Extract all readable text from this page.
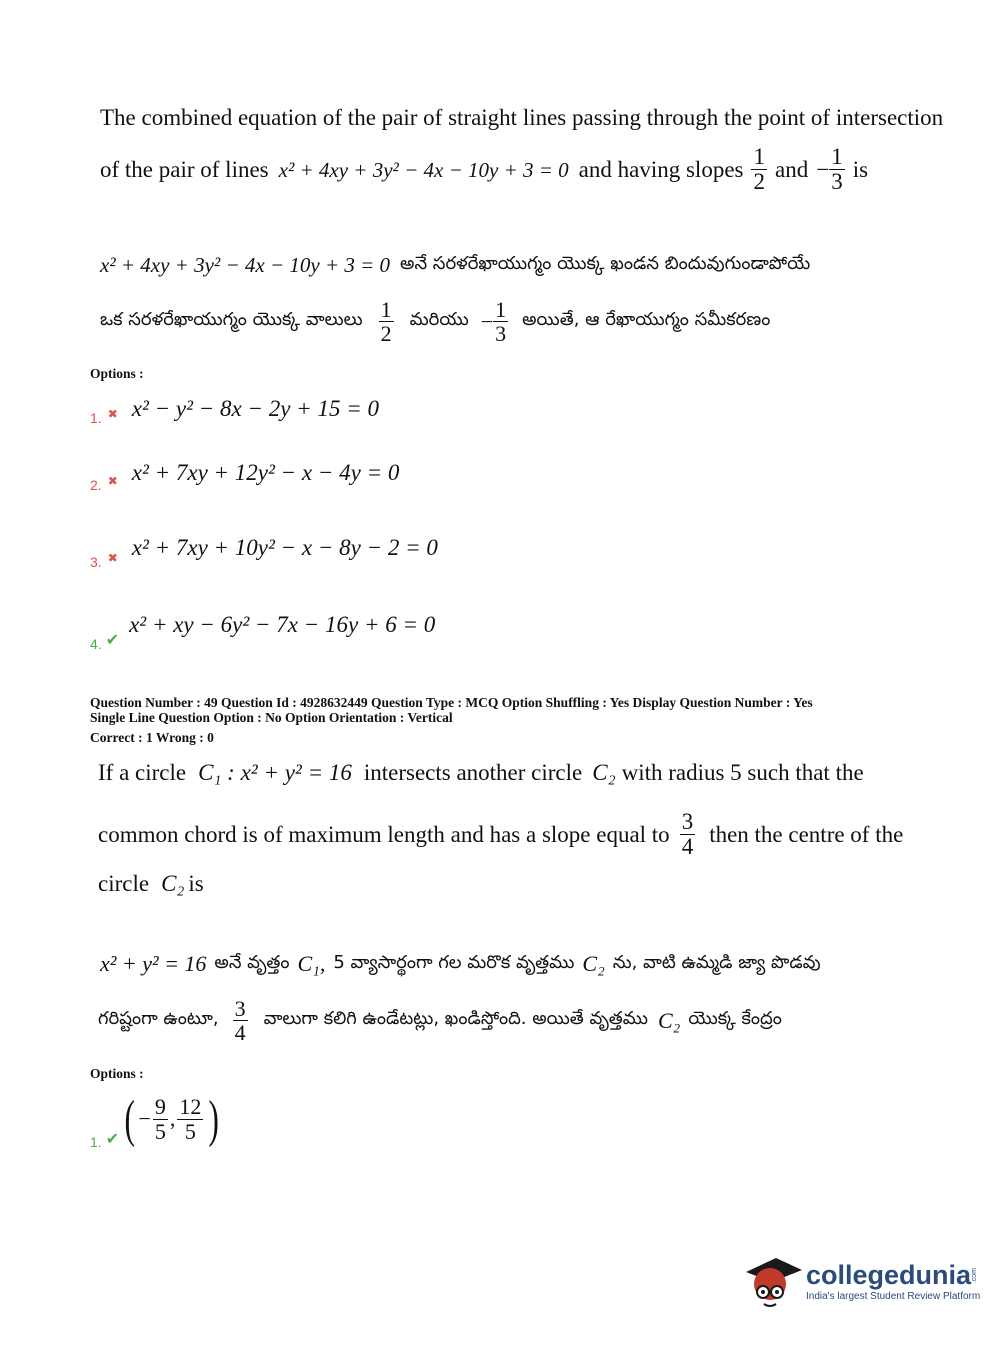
The combined equation of the pair of straight lines passing through the point of intersection
of the pair of lines x² + 4xy + 3y² − 4x − 10y + 3 = 0 and having slopes $\frac{1}{2}$ and − $\frac{1}{3}$ is
x² + 4xy + 3y² − 4x − 10y + 3 = 0 అనే సరళరేఖాయుగ్మం యొక్క ఖండన బిందువుగుండాపోయే
ఒక సరళరేఖాయుగ్మం యొక్క వాలులు $\frac{1}{2}$ మరియు − $\frac{1}{3}$ అయితే, ఆ రేఖాయుగ్మం సమీకరణం
Options :
1. ✖ x² − y² − 8x − 2y + 15 = 0
2. ✖ x² + 7xy + 12y² − x − 4y = 0
3. ✖ x² + 7xy + 10y² − x − 8y − 2 = 0
4. ✔
x² + xy − 6y² − 7x − 16y + 6 = 0
Question Number : 49 Question Id : 4928632449 Question Type : MCQ Option Shuffling : Yes Display Question Number : Yes
Single Line Question Option : No Option Orientation : Vertical
Correct : 1 Wrong : 0
If a circle C₁ : x² + y² = 16 intersects another circle C₂ with radius 5 such that the
common chord is of maximum length and has a slope equal to $\frac{3}{4}$ then the centre of the
circle C₂ is
x² + y² = 16 అనే వృత్తం C₁, 5 వ్యాసార్థంగా గల మరొక వృత్తము C₂ ను, వాటి ఉమ్మడి జ్యా పొడవు
గరిష్టంగా ఉంటూ, $\frac{3}{4}$ వాలుగా కలిగి ఉండేటట్లు, ఖండిస్తోంది. అయితే వృత్తము C₂ యొక్క కేంద్రం
Options :
1. ✔ ( − $\frac{9}{5}$ , $\frac{12}{5}$ )
collegedunia .com
India's largest Student Review Platform
